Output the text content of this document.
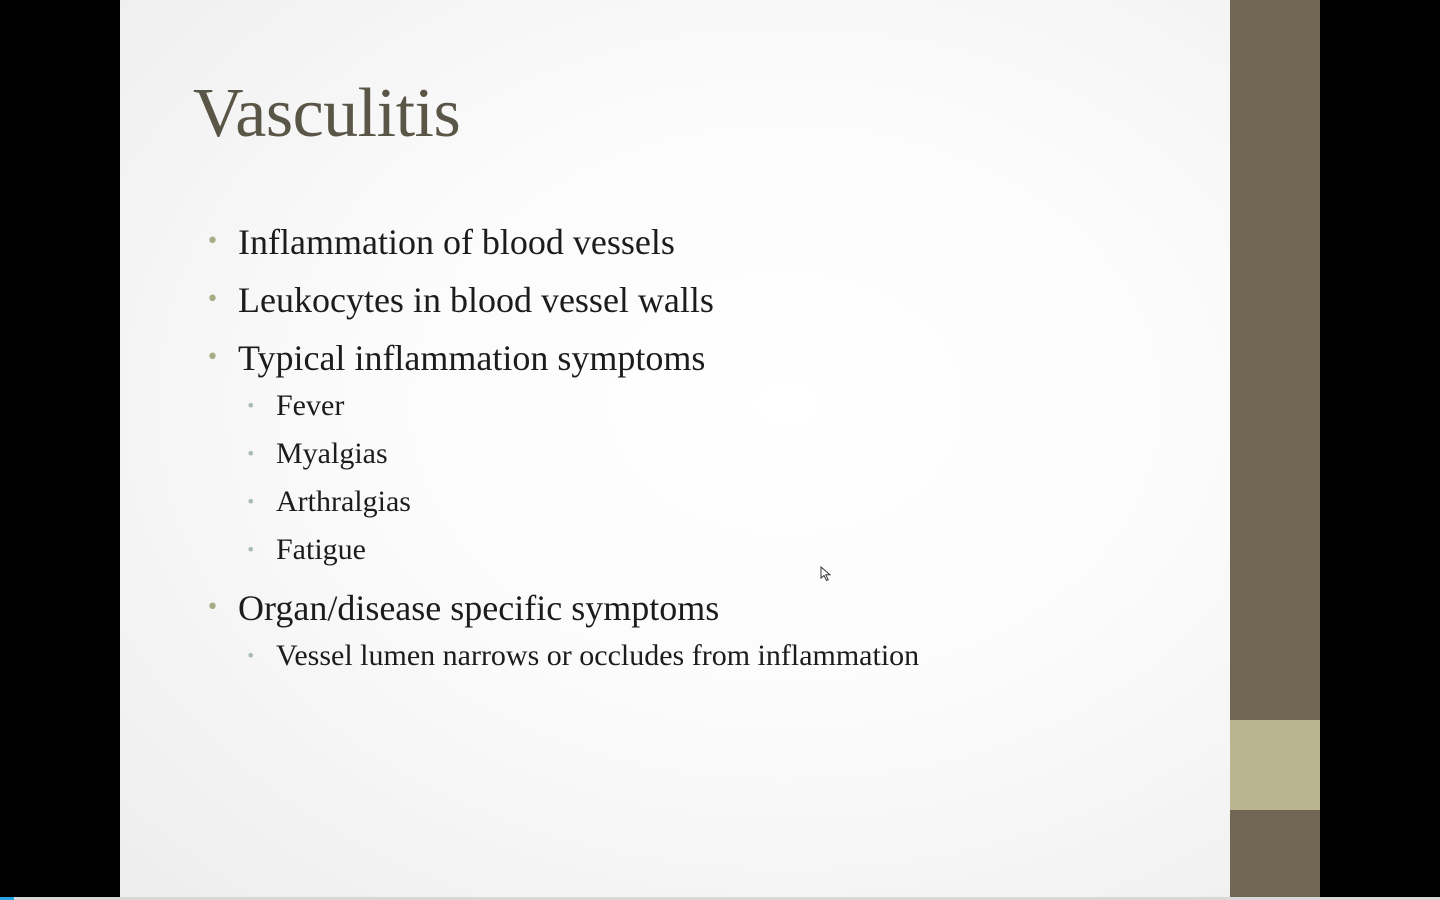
Vasculitis
• Inflammation of blood vessels
• Leukocytes in blood vessel walls
• Typical inflammation symptoms
• Fever
• Myalgias
• Arthralgias
• Fatigue
• Organ/disease specific symptoms
• Vessel lumen narrows or occludes from inflammation
